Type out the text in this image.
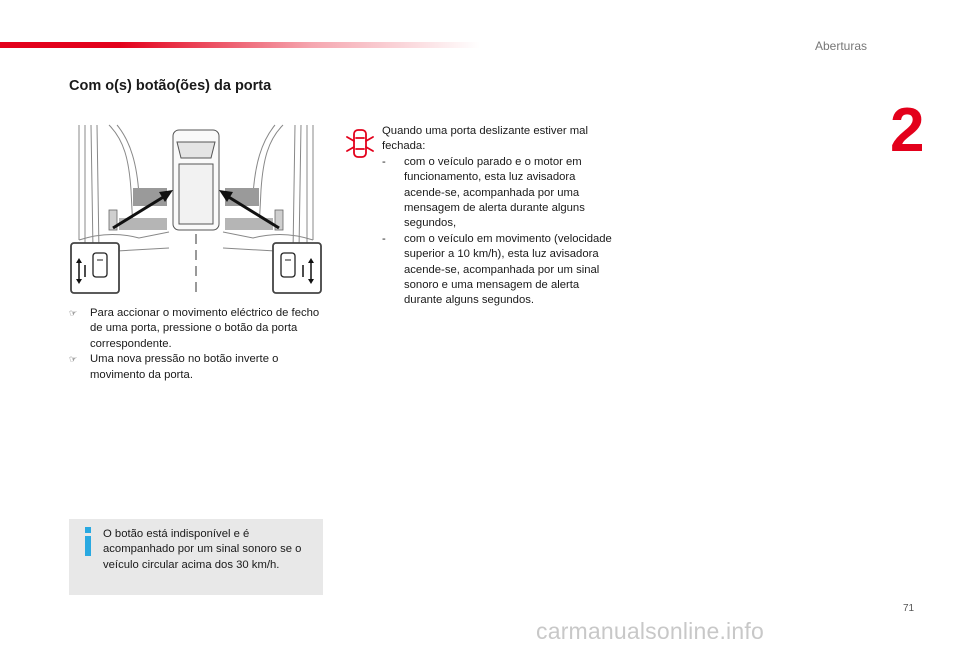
Aberturas
2
Com o(s) botão(ões) da porta
☞ Para accionar o movimento eléctrico de fecho de uma porta, pressione o botão da porta correspondente.
☞ Uma nova pressão no botão inverte o movimento da porta.
O botão está indisponível e é acompanhado por um sinal sonoro se o veículo circular acima dos 30 km/h.
Quando uma porta deslizante estiver mal fechada:
- com o veículo parado e o motor em funcionamento, esta luz avisadora acende-se, acompanhada por uma mensagem de alerta durante alguns segundos,
- com o veículo em movimento (velocidade superior a 10 km/h), esta luz avisadora acende-se, acompanhada por um sinal sonoro e uma mensagem de alerta durante alguns segundos.
71
carmanualsonline.info
